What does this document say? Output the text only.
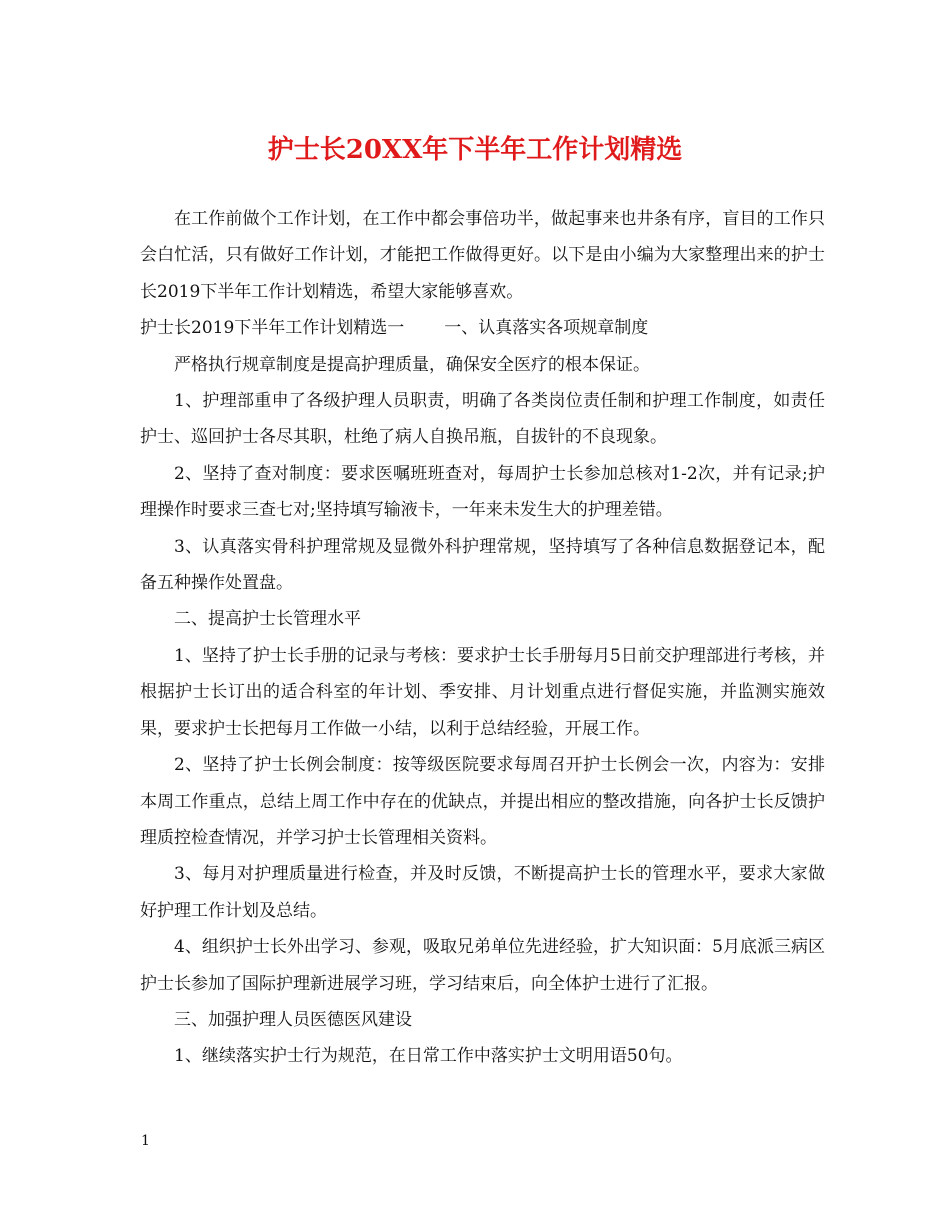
护士长20XX年下半年工作计划精选

在工作前做个工作计划，在工作中都会事倍功半，做起事来也井条有序，盲目的工作只会白忙活，只有做好工作计划，才能把工作做得更好。以下是由小编为大家整理出来的护士长2019下半年工作计划精选，希望大家能够喜欢。

护士长2019下半年工作计划精选一 一、认真落实各项规章制度

严格执行规章制度是提高护理质量，确保安全医疗的根本保证。

1、护理部重申了各级护理人员职责，明确了各类岗位责任制和护理工作制度，如责任护士、巡回护士各尽其职，杜绝了病人自换吊瓶，自拔针的不良现象。

2、坚持了查对制度：要求医嘱班班查对，每周护士长参加总核对1-2次，并有记录;护理操作时要求三查七对;坚持填写输液卡，一年来未发生大的护理差错。

3、认真落实骨科护理常规及显微外科护理常规，坚持填写了各种信息数据登记本，配备五种操作处置盘。

二、提高护士长管理水平

1、坚持了护士长手册的记录与考核：要求护士长手册每月5日前交护理部进行考核，并根据护士长订出的适合科室的年计划、季安排、月计划重点进行督促实施，并监测实施效果，要求护士长把每月工作做一小结，以利于总结经验，开展工作。

2、坚持了护士长例会制度：按等级医院要求每周召开护士长例会一次，内容为：安排本周工作重点，总结上周工作中存在的优缺点，并提出相应的整改措施，向各护士长反馈护理质控检查情况，并学习护士长管理相关资料。

3、每月对护理质量进行检查，并及时反馈，不断提高护士长的管理水平，要求大家做好护理工作计划及总结。

4、组织护士长外出学习、参观，吸取兄弟单位先进经验，扩大知识面：5月底派三病区护士长参加了国际护理新进展学习班，学习结束后，向全体护士进行了汇报。

三、加强护理人员医德医风建设

1、继续落实护士行为规范，在日常工作中落实护士文明用语50句。

1
